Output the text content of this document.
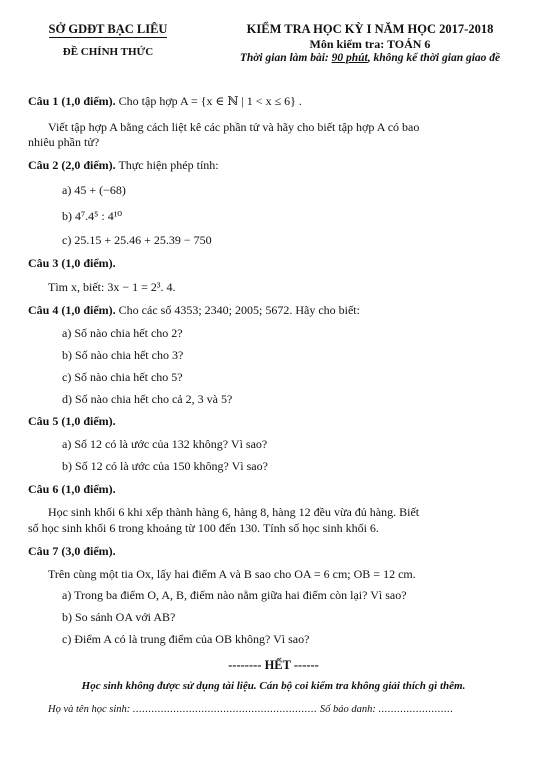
SỞ GDĐT BẠC LIÊU
ĐỀ CHÍNH THỨC
KIỂM TRA HỌC KỲ I NĂM HỌC 2017-2018
Môn kiểm tra: TOÁN 6
Thời gian làm bài: 90 phút, không kể thời gian giao đề
Câu 1 (1,0 điểm). Cho tập hợp A = {x ∈ ℕ | 1 < x ≤ 6} .
Viết tập hợp A bằng cách liệt kê các phần tử và hãy cho biết tập hợp A có bao
nhiêu phần tử?
Câu 2 (2,0 điểm). Thực hiện phép tính:
a) 45 + (−68)
b) 4⁷.4⁵ : 4¹⁰
c) 25.15 + 25.46 + 25.39 − 750
Câu 3 (1,0 điểm).
Tìm x, biết: 3x − 1 = 2³. 4.
Câu 4 (1,0 điểm). Cho các số 4353; 2340; 2005; 5672. Hãy cho biết:
a) Số nào chia hết cho 2?
b) Số nào chia hết cho 3?
c) Số nào chia hết cho 5?
d) Số nào chia hết cho cả 2, 3 và 5?
Câu 5 (1,0 điểm).
a) Số 12 có là ước của 132 không? Vì sao?
b) Số 12 có là ước của 150 không? Vì sao?
Câu 6 (1,0 điểm).
Học sinh khối 6 khi xếp thành hàng 6, hàng 8, hàng 12 đều vừa đủ hàng. Biết
số học sinh khối 6 trong khoảng từ 100 đến 130. Tính số học sinh khối 6.
Câu 7 (3,0 điểm).
Trên cùng một tia Ox, lấy hai điểm A và B sao cho OA = 6 cm; OB = 12 cm.
a) Trong ba điểm O, A, B, điểm nào nằm giữa hai điểm còn lại? Vì sao?
b) So sánh OA với AB?
c) Điểm A có là trung điểm của OB không? Vì sao?
-------- HẾT ------
Học sinh không được sử dụng tài liệu. Cán bộ coi kiểm tra không giải thích gì thêm.
Họ và tên học sinh: ........................................................... Số báo danh: ........................
